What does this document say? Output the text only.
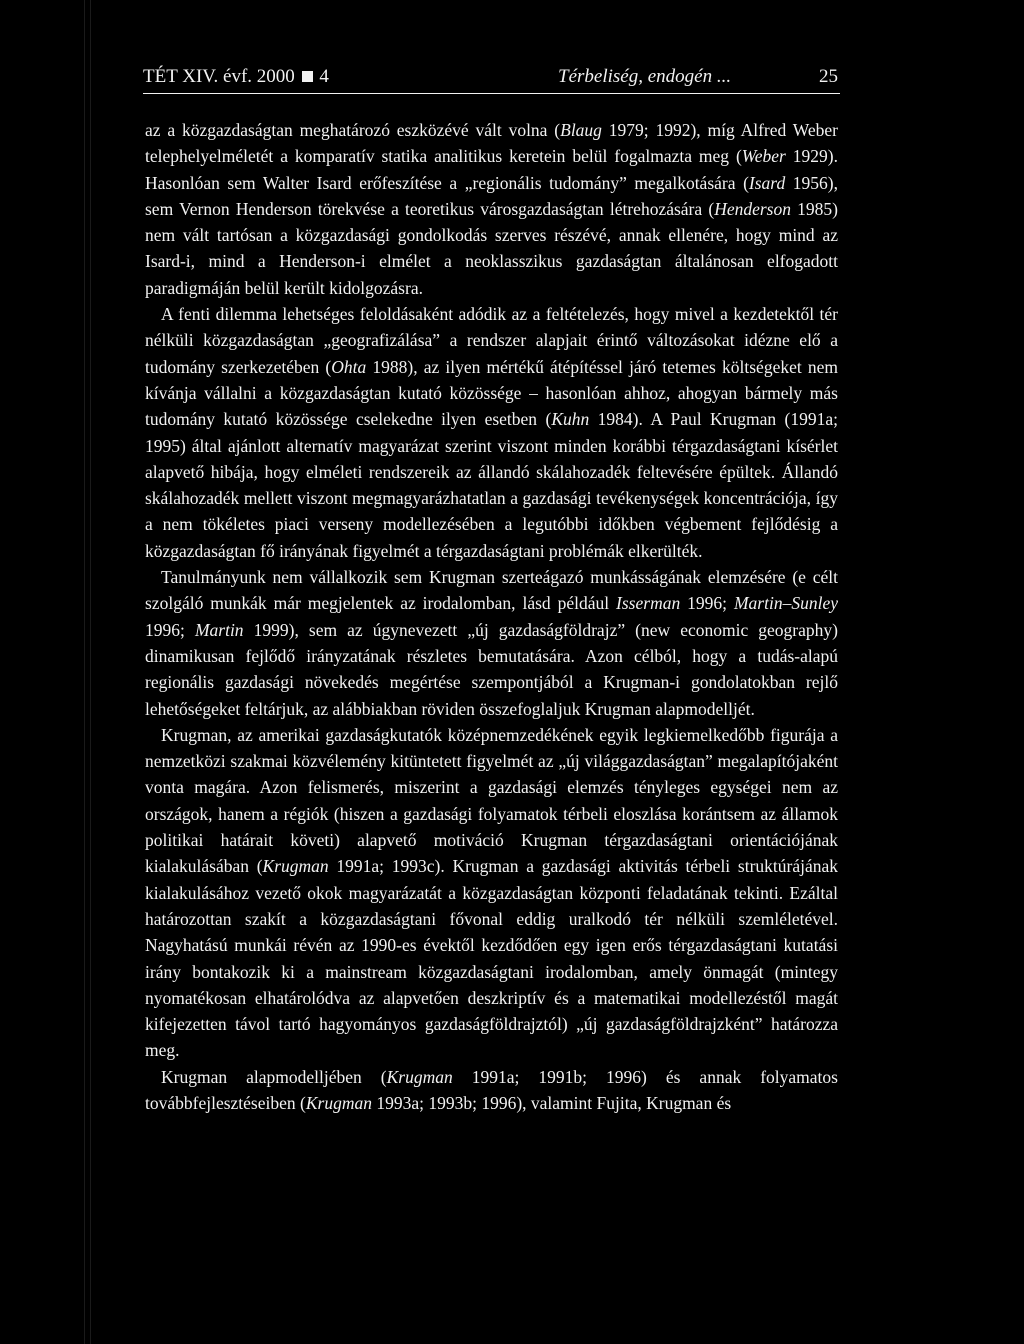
TÉT XIV. évf. 2000 4	Térbeliség, endogén ...	25

az a közgazdaságtan meghatározó eszközévé vált volna (Blaug 1979; 1992), míg Alfred Weber telephelyelméletét a komparatív statika analitikus keretein belül fogalmazta meg (Weber 1929). Hasonlóan sem Walter Isard erőfeszítése a „regionális tudomány” megalkotására (Isard 1956), sem Vernon Henderson törekvése a teoretikus városgazdaságtan létrehozására (Henderson 1985) nem vált tartósan a közgazdasági gondolkodás szerves részévé, annak ellenére, hogy mind az Isard-i, mind a Henderson-i elmélet a neoklasszikus gazdaságtan általánosan elfogadott paradigmáján belül került kidolgozásra.

A fenti dilemma lehetséges feloldásaként adódik az a feltételezés, hogy mivel a kezdetektől tér nélküli közgazdaságtan „geografizálása” a rendszer alapjait érintő változásokat idézne elő a tudomány szerkezetében (Ohta 1988), az ilyen mértékű átépítéssel járó tetemes költségeket nem kívánja vállalni a közgazdaságtan kutató közössége – hasonlóan ahhoz, ahogyan bármely más tudomány kutató közössége cselekedne ilyen esetben (Kuhn 1984). A Paul Krugman (1991a; 1995) által ajánlott alternatív magyarázat szerint viszont minden korábbi térgazdaságtani kísérlet alapvető hibája, hogy elméleti rendszereik az állandó skálahozadék feltevésére épültek. Állandó skálahozadék mellett viszont megmagyarázhatatlan a gazdasági tevékenységek koncentrációja, így a nem tökéletes piaci verseny modellezésében a legutóbbi időkben végbement fejlődésig a közgazdaságtan fő irányának figyelmét a térgazdaságtani problémák elkerülték.

Tanulmányunk nem vállalkozik sem Krugman szerteágazó munkásságának elemzésére (e célt szolgáló munkák már megjelentek az irodalomban, lásd például Isserman 1996; Martin–Sunley 1996; Martin 1999), sem az úgynevezett „új gazdaságföldrajz” (new economic geography) dinamikusan fejlődő irányzatának részletes bemutatására. Azon célból, hogy a tudás-alapú regionális gazdasági növekedés megértése szempontjából a Krugman-i gondolatokban rejlő lehetőségeket feltárjuk, az alábbiakban röviden összefoglaljuk Krugman alapmodelljét.

Krugman, az amerikai gazdaságkutatók középnemzedékének egyik legkiemelkedőbb figurája a nemzetközi szakmai közvélemény kitüntetett figyelmét az „új világgazdaságtan” megalapítójaként vonta magára. Azon felismerés, miszerint a gazdasági elemzés tényleges egységei nem az országok, hanem a régiók (hiszen a gazdasági folyamatok térbeli eloszlása korántsem az államok politikai határait követi) alapvető motiváció Krugman térgazdaságtani orientációjának kialakulásában (Krugman 1991a; 1993c). Krugman a gazdasági aktivitás térbeli struktúrájának kialakulásához vezető okok magyarázatát a közgazdaságtan központi feladatának tekinti. Ezáltal határozottan szakít a közgazdaságtani fővonal eddig uralkodó tér nélküli szemléletével. Nagyhatású munkái révén az 1990-es évektől kezdődően egy igen erős térgazdaságtani kutatási irány bontakozik ki a mainstream közgazdaságtani irodalomban, amely önmagát (mintegy nyomatékosan elhatárolódva az alapvetően deszkriptív és a matematikai modellezéstől magát kifejezetten távol tartó hagyományos gazdaságföldrajztól) „új gazdaságföldrajzként” határozza meg.

Krugman alapmodelljében (Krugman 1991a; 1991b; 1996) és annak folyamatos továbbfejlesztéseiben (Krugman 1993a; 1993b; 1996), valamint Fujita, Krugman és
